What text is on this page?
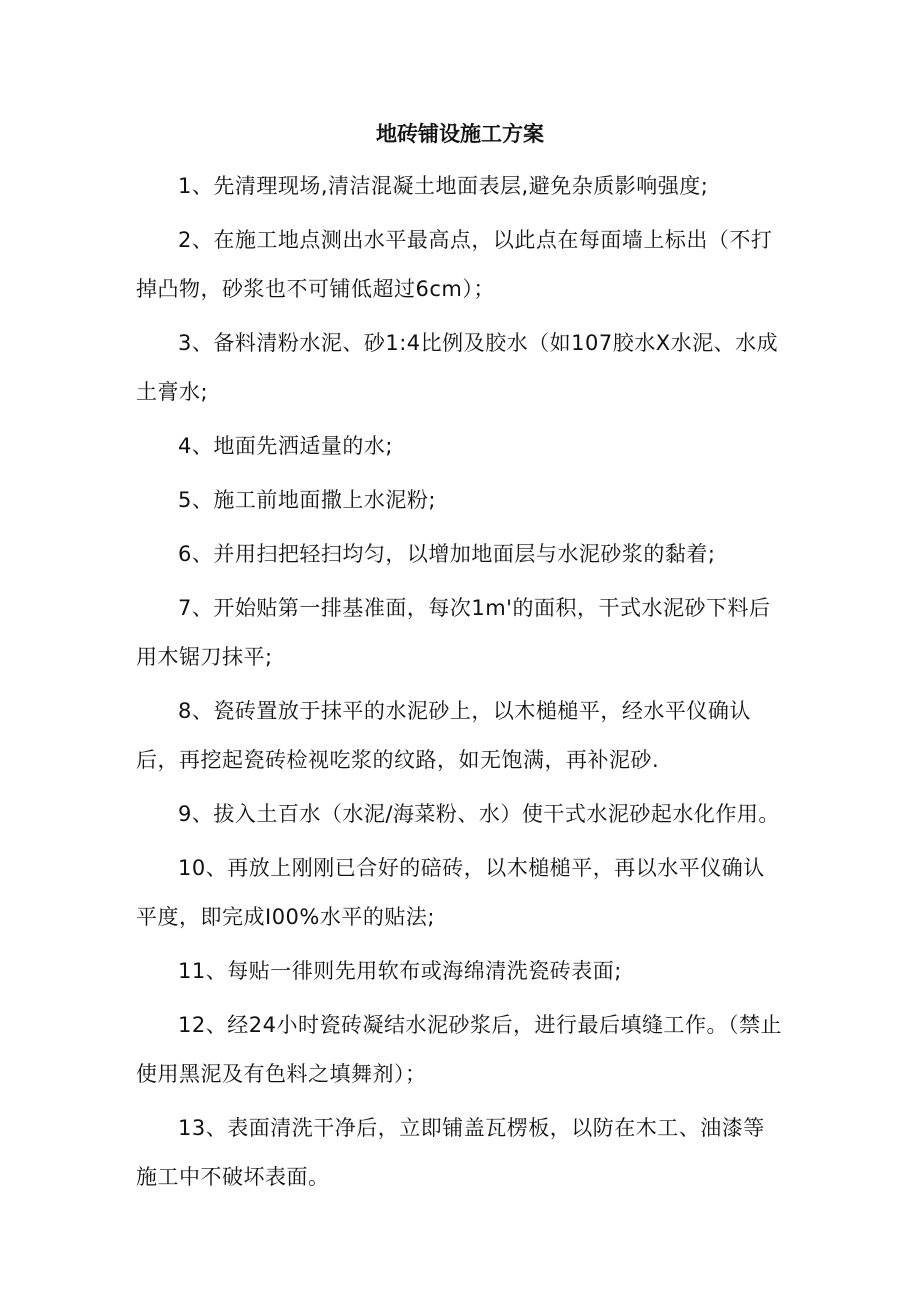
地砖铺设施工方案

1、先清理现场,清洁混凝土地面表层,避免杂质影响强度;

2、在施工地点测出水平最高点，以此点在每面墙上标出（不打掉凸物，砂浆也不可铺低超过6cm）；

3、备料清粉水泥、砂1:4比例及胶水（如107胶水X水泥、水成土膏水;

4、地面先洒适量的水;

5、施工前地面撒上水泥粉;

6、并用扫把轻扫均匀，以增加地面层与水泥砂浆的黏着;

7、开始贴第一排基准面，每次1m'的面积，干式水泥砂下料后用木锯刀抹平;

8、瓷砖置放于抹平的水泥砂上，以木槌槌平，经水平仪确认后，再挖起瓷砖检视吃浆的纹路，如无饱满，再补泥砂.

9、拔入土百水（水泥/海菜粉、水）使干式水泥砂起水化作用。

10、再放上刚刚已合好的碚砖，以木槌槌平，再以水平仪确认平度，即完成I00%水平的贴法;

11、每贴一徘则先用软布或海绵清洗瓷砖表面;

12、经24小时瓷砖凝结水泥砂浆后，进行最后填缝工作。（禁止使用黑泥及有色料之填舞剂）；

13、表面清洗干净后，立即铺盖瓦楞板，以防在木工、油漆等施工中不破坏表面。
